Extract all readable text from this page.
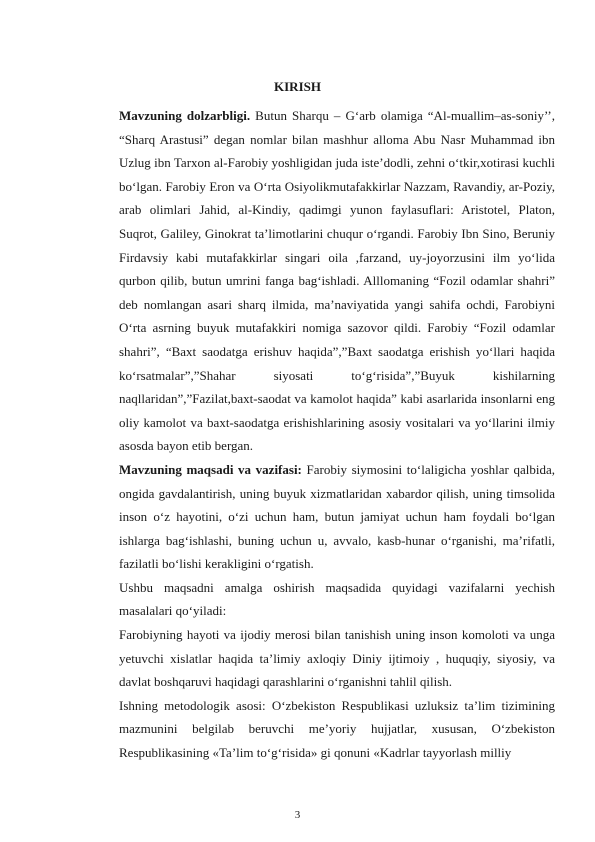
KIRISH

Mavzuning dolzarbligi. Butun Sharqu – G‘arb olamiga “Al-muallim–as-soniy’’, “Sharq Arastusi” degan nomlar bilan mashhur alloma Abu Nasr Muhammad ibn Uzlug ibn Tarxon al-Farobiy yoshligidan juda iste’dodli, zehni o‘tkir,xotirasi kuchli bo‘lgan. Farobiy Eron va O‘rta Osiyolikmutafakkirlar Nazzam, Ravandiy, ar-Poziy, arab olimlari Jahid, al-Kindiy, qadimgi yunon faylasuflari: Aristotel, Platon, Suqrot, Galiley, Ginokrat ta’limotlarini chuqur o‘rgandi. Farobiy Ibn Sino, Beruniy Firdavsiy kabi mutafakkirlar singari oila ,farzand, uy-joyorzusini ilm yo‘lida qurbon qilib, butun umrini fanga bag‘ishladi. Alllomaning “Fozil odamlar shahri” deb nomlangan asari sharq ilmida, ma’naviyatida yangi sahifa ochdi, Farobiyni O‘rta asrning buyuk mutafakkiri nomiga sazovor qildi. Farobiy “Fozil odamlar shahri”, “Baxt saodatga erishuv haqida”,”Baxt saodatga erishish yo‘llari haqida ko‘rsatmalar”,”Shahar siyosati to‘g‘risida”,”Buyuk kishilarning naqllaridan”,”Fazilat,baxt-saodat va kamolot haqida” kabi asarlarida insonlarni eng oliy kamolot va baxt-saodatga erishishlarining asosiy vositalari va yo‘llarini ilmiy asosda bayon etib bergan.

Mavzuning maqsadi va vazifasi: Farobiy siymosini to‘laligicha yoshlar qalbida, ongida gavdalantirish, uning buyuk xizmatlaridan xabardor qilish, uning timsolida inson o‘z hayotini, o‘zi uchun ham, butun jamiyat uchun ham foydali bo‘lgan ishlarga bag‘ishlashi, buning uchun u, avvalo, kasb-hunar o‘rganishi, ma’rifatli, fazilatli bo‘lishi kerakligini o‘rgatish.

Ushbu maqsadni amalga oshirish maqsadida quyidagi vazifalarni yechish masalalari qo‘yiladi:

Farobiyning hayoti va ijodiy merosi bilan tanishish uning inson komoloti va unga yetuvchi xislatlar haqida ta’limiy axloqiy Diniy ijtimoiy , huquqiy, siyosiy, va davlat boshqaruvi haqidagi qarashlarini o‘rganishni tahlil qilish.

Ishning metodologik asosi: O‘zbekiston Respublikasi uzluksiz ta’lim tizimining mazmunini belgilab beruvchi me’yoriy hujjatlar, xususan, O‘zbekiston Respublikasining «Ta’lim to‘g‘risida» gi qonuni «Kadrlar tayyorlash milliy

3
